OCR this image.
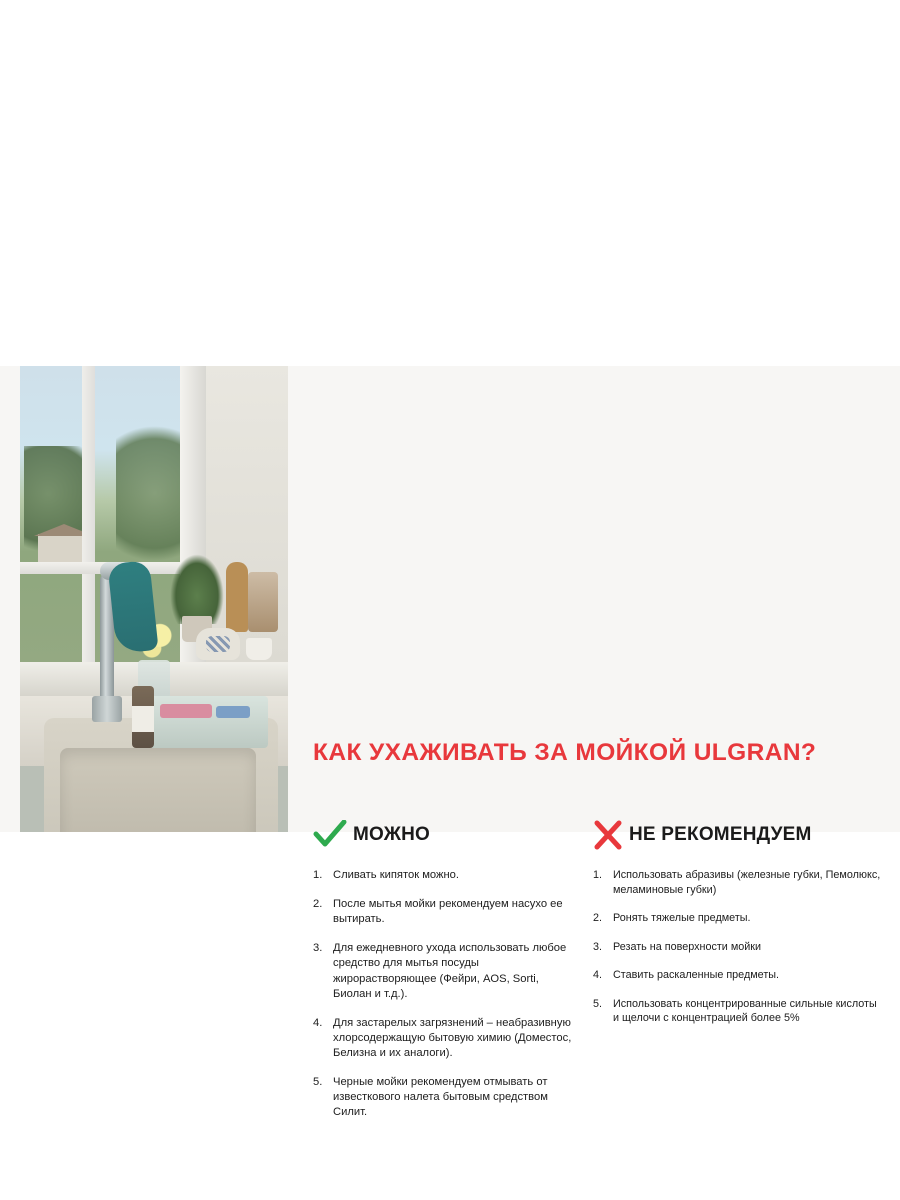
КАК УХАЖИВАТЬ ЗА МОЙКОЙ ULGRAN?
МОЖНО
1. Сливать кипяток можно.
2. После мытья мойки рекомендуем насухо ее вытирать.
3. Для ежедневного ухода использовать любое средство для мытья посуды жирорастворяющее (Фейри, AOS, Sorti, Биолан и т.д.).
4. Для застарелых загрязнений – неабразивную хлорсодержащую бытовую химию (Доместос, Белизна и их аналоги).
5. Черные мойки рекомендуем отмывать от известкового налета бытовым средством Силит.
НЕ РЕКОМЕНДУЕМ
1.	Использовать абразивы (железные губки, Пемолюкс, меламиновые губки)
2.	Ронять тяжелые предметы.
3.	Резать на поверхности мойки
4.	Ставить раскаленные предметы.
5.	Использовать концентрированные сильные кислоты и щелочи с концентрацией более 5%
